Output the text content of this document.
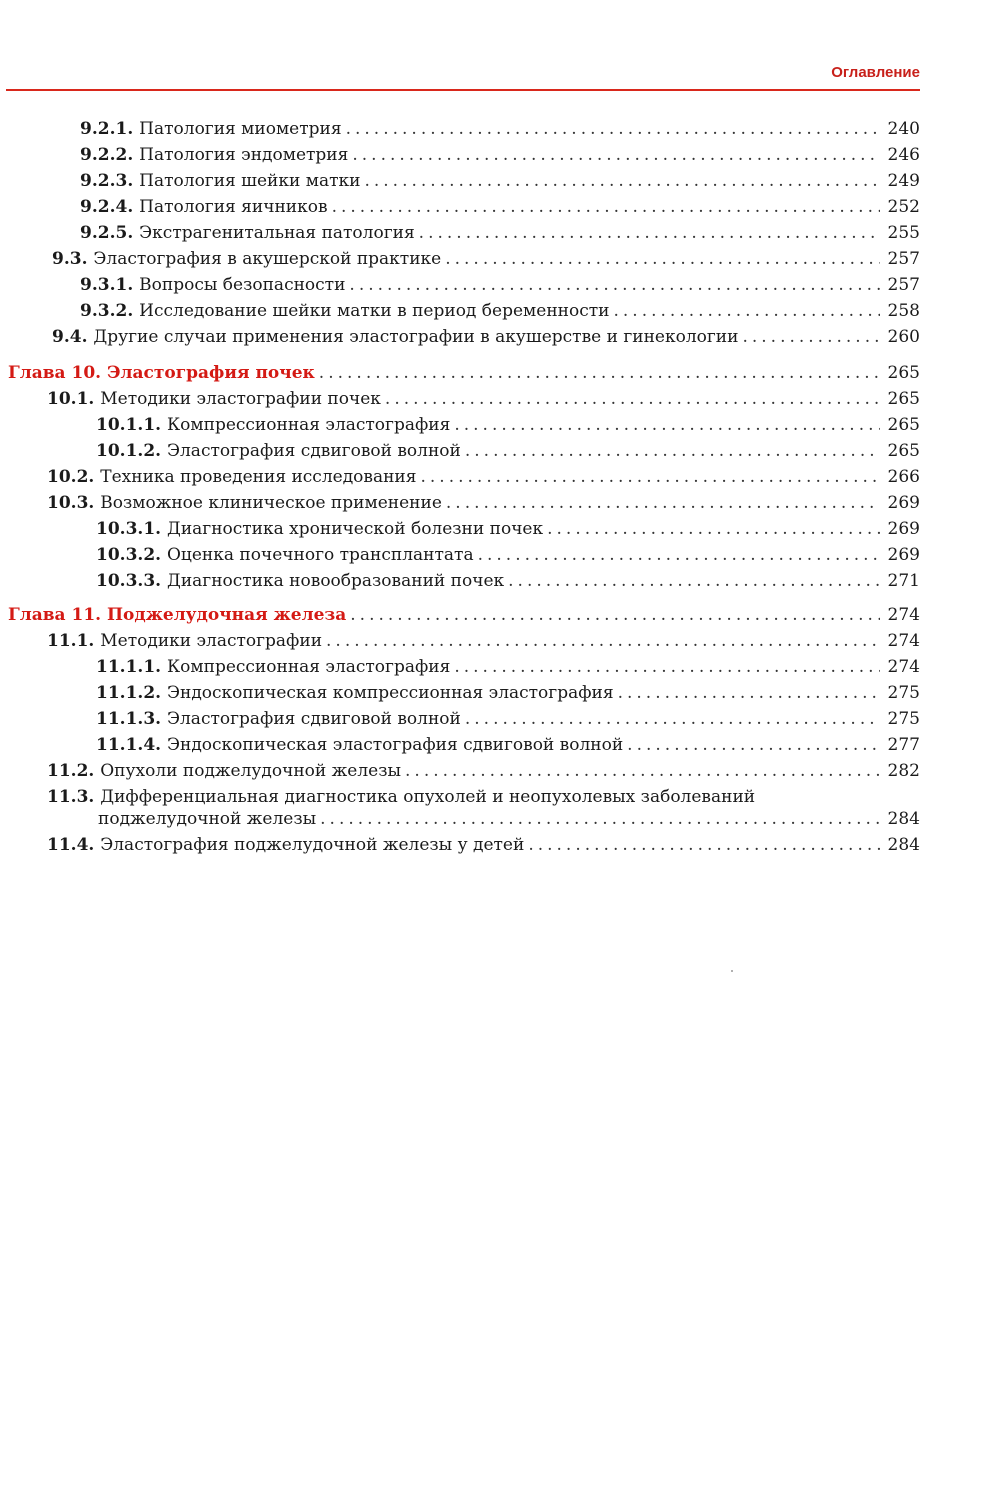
Оглавление
9.2.1. Патология миометрия .....	240
9.2.2. Патология эндометрия .....	246
9.2.3. Патология шейки матки .....	249
9.2.4. Патология яичников .....	252
9.2.5. Экстрагенитальная патология .....	255
9.3. Эластография в акушерской практике .....	257
9.3.1. Вопросы безопасности .....	257
9.3.2. Исследование шейки матки в период беременности .....	258
9.4. Другие случаи применения эластографии в акушерстве и гинекологии .....	260
Глава 10. Эластография почек .....	265
10.1. Методики эластографии почек .....	265
10.1.1. Компрессионная эластография .....	265
10.1.2. Эластография сдвиговой волной .....	265
10.2. Техника проведения исследования .....	266
10.3. Возможное клиническое применение .....	269
10.3.1. Диагностика хронической болезни почек .....	269
10.3.2. Оценка почечного трансплантата .....	269
10.3.3. Диагностика новообразований почек .....	271
Глава 11. Поджелудочная железа .....	274
11.1. Методики эластографии .....	274
11.1.1. Компрессионная эластография .....	274
11.1.2. Эндоскопическая компрессионная эластография .....	275
11.1.3. Эластография сдвиговой волной .....	275
11.1.4. Эндоскопическая эластография сдвиговой волной .....	277
11.2. Опухоли поджелудочной железы .....	282
11.3. Дифференциальная диагностика опухолей и неопухолевых заболеваний
поджелудочной железы .....	284
11.4. Эластография поджелудочной железы у детей .....	284
